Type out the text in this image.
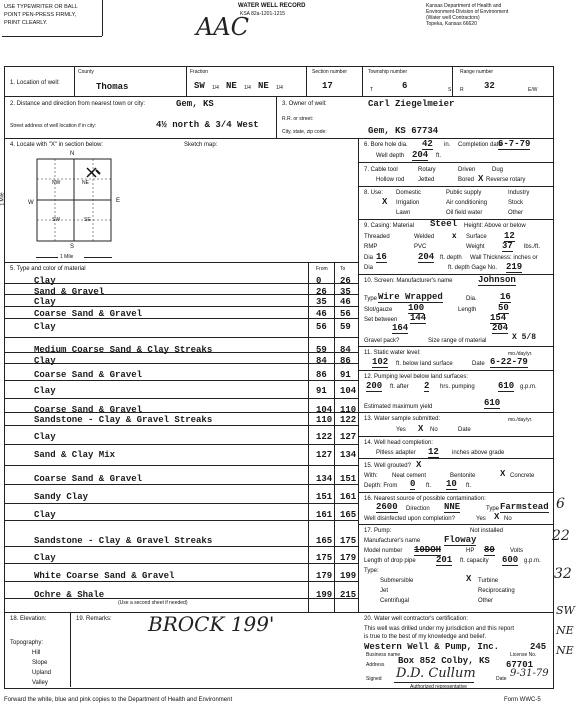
USE TYPEWRITER OR BALL POINT PEN-PRESS FIRMLY, PRINT CLEARLY.
WATER WELL RECORD
KSA 82a-1201-1215
AAC
Kansas Department of Health and
Environment-Division of Environment
(Water well Contractors)
Topeka, Kansas 66620
1. Location of well:
County
Thomas
Fraction
SW 1/4 NE 1/4 NE 1/4
Section number
17
Township number
T	6	S
Range number
R 32	E/W
2. Distance and direction from nearest town or city:	Gem, KS
Street address of well location if in city:	4½ north & 3/4 West
3. Owner of well:	Carl Ziegelmeier
R.R. or street:
City, state, zip code:	Gem, KS 67734
4. Locate with "X" in section below:	Sketch map:
N
S
W	E
NW	NE
SW	SE
1 Mile
1 Mile
5. Type and color of material	From To
Clay	0 26
Sand & Gravel	26 35
Clay	35 46
Coarse Sand & Gravel	46 56
Clay	56 59
Medium Coarse Sand & Clay Streaks	59 84
Clay	84 86
Coarse Sand & Gravel	86 91
Clay	91 104
Coarse Sand & Gravel	104 110
Sandstone - Clay & Gravel Streaks	110 122
Clay	122 127
Sand & Clay Mix	127 134
Coarse Sand & Gravel	134 151
Sandy Clay	151 161
Clay	161 165
Sandstone - Clay & Gravel Streaks	165 175
Clay	175 179
White Coarse Sand & Gravel	179 199
Ochre & Shale	199 215
(Use a second sheet if needed)
6. Bore hole dia. 42 in. Completion date
6-7-79
Well depth 204 ft.
7. Cable tool	Rotary	Driven	Dug
Hollow rod Jetted	Bored X Reverse rotary
8. Use: Domestic	Public supply	Industry
X Irrigation	Air conditioning	Stock
Lawn	Oil field water	Other
9. Casing: Material Steel Height: Above or below
Threaded	Welded x Surface 12
RMP	PVC	Weight 37 lbs./ft.
Dia 16	204 ft. depth Wall Thickness: inches or
Dia	ft. depth Gage No. 219
10. Screen: Manufacturer's name	Johnson
Type Wire Wrapped	Dia.	16
Slot/gauze 100	Length 50
Set between 144	154
164	204
Gravel pack?	Size range of material	X 5/8
11. Static water level:	mo./day/yr.
102 ft. below land surface	Date 6-22-79
12. Pumping level below land surfaces:
200 ft. after 2 hrs. pumping	610 g.p.m.
Estimated maximum yield	610
13. Water sample submitted:	mo./day/yr.
Yes X No	Date
14. Well head completion:
Pitless adapter 12 inches above grade
15. Well grouted? X
With: Neat cement	Bentonite	X Concrete
Depth: From 0 ft. 10 ft.
16. Nearest source of possible contamination:
2600 Direction NNE	Type Farmstead
Well disinfected upon completion?	Yes X No
17. Pump:	Not installed
Manufacturer's name	Floway
Model number 10DOH	HP 80	Volts
Length of drop pipe 201 ft. capacity 600 g.p.m.
Type:
Submersible	X Turbine
Jet	Reciprocating
Centrifugal	Other
18. Elevation:
Topography:
Hill
Slope
Upland
Valley
19. Remarks: BROCK 199'	20. Water well contractor's certification:
This well was drilled under my jurisdiction and this report
is true to the best of my knowledge and belief.
Western Well & Pump, Inc.	245
Business name	License No.
Address Box 852 Colby, KS 67701
Signed D.D. Cullum	Date 9-31-79
Authorized representative
Forward the white, blue and pink copies to the Department of Health and Environment	Form WWC-5
6
22
32
SW
NE
NE
